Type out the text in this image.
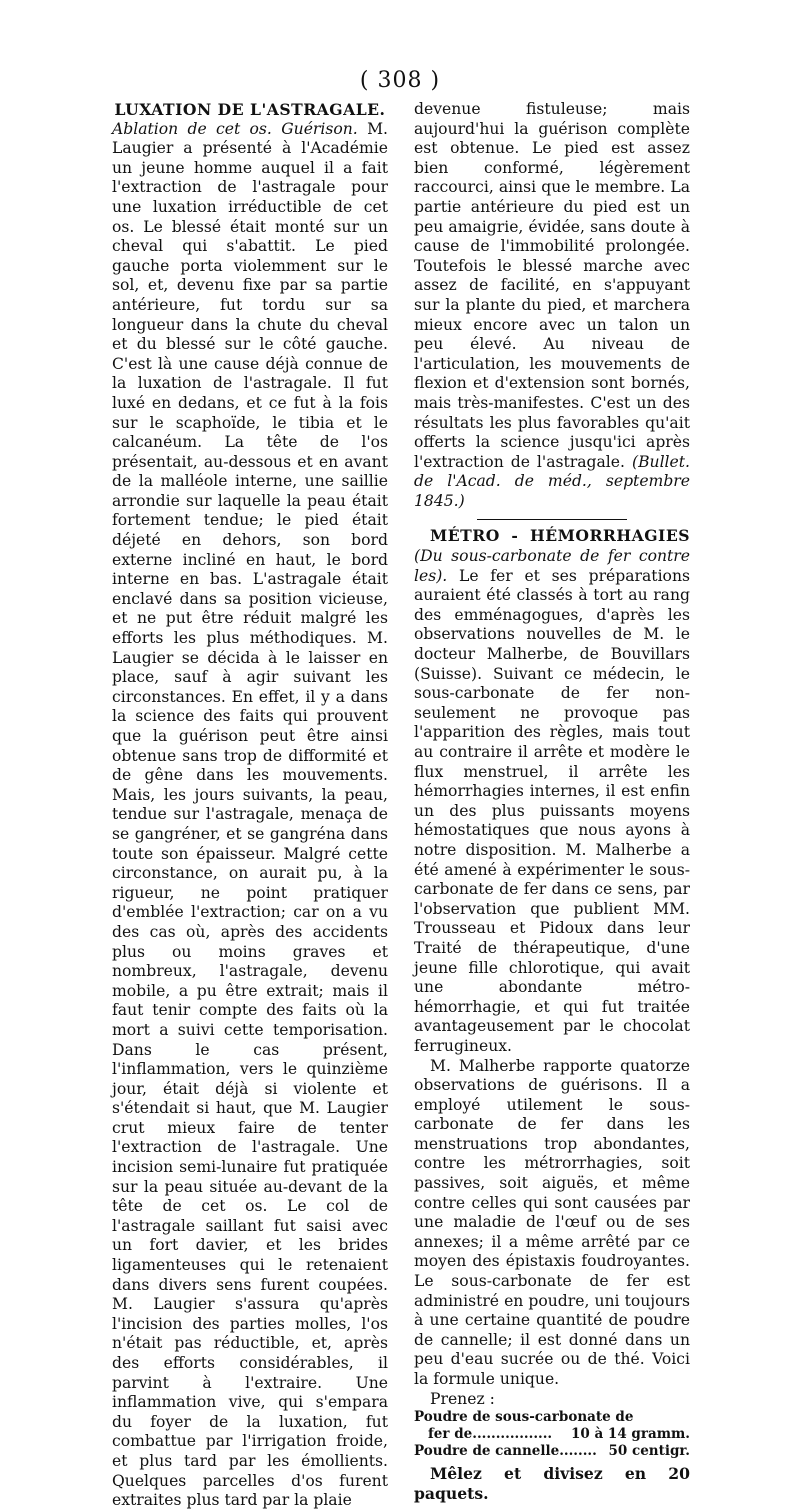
( 308 )
LUXATION DE L'ASTRAGALE.

Ablation de cet os. Guérison. M. Laugier a présenté à l'Académie un jeune homme auquel il a fait l'extraction de l'astragale pour une luxation irréductible de cet os. Le blessé était monté sur un cheval qui s'abattit. Le pied gauche porta violemment sur le sol, et, devenu fixe par sa partie antérieure, fut tordu sur sa longueur dans la chute du cheval et du blessé sur le côté gauche. C'est là une cause déjà connue de la luxation de l'astragale. Il fut luxé en dedans, et ce fut à la fois sur le scaphoïde, le tibia et le calcanéum. La tête de l'os présentait, au-dessous et en avant de la malléole interne, une saillie arrondie sur laquelle la peau était fortement tendue; le pied était déjeté en dehors, son bord externe incliné en haut, le bord interne en bas. L'astragale était enclavé dans sa position vicieuse, et ne put être réduit malgré les efforts les plus méthodiques. M. Laugier se décida à le laisser en place, sauf à agir suivant les circonstances. En effet, il y a dans la science des faits qui prouvent que la guérison peut être ainsi obtenue sans trop de difformité et de gêne dans les mouvements. Mais, les jours suivants, la peau, tendue sur l'astragale, menaça de se gangréner, et se gangréna dans toute son épaisseur. Malgré cette circonstance, on aurait pu, à la rigueur, ne point pratiquer d'emblée l'extraction; car on a vu des cas où, après des accidents plus ou moins graves et nombreux, l'astragale, devenu mobile, a pu être extrait; mais il faut tenir compte des faits où la mort a suivi cette temporisation. Dans le cas présent, l'inflammation, vers le quinzième jour, était déjà si violente et s'étendait si haut, que M. Laugier crut mieux faire de tenter l'extraction de l'astragale. Une incision semi-lunaire fut pratiquée sur la peau située au-devant de la tête de cet os. Le col de l'astragale saillant fut saisi avec un fort davier, et les brides ligamenteuses qui le retenaient dans divers sens furent coupées. M. Laugier s'assura qu'après l'incision des parties molles, l'os n'était pas réductible, et, après des efforts considérables, il parvint à l'extraire. Une inflammation vive, qui s'empara du foyer de la luxation, fut combattue par l'irrigation froide, et plus tard par les émollients. Quelques parcelles d'os furent extraites plus tard par la plaie

devenue fistuleuse; mais aujourd'hui la guérison complète est obtenue. Le pied est assez bien conformé, légèrement raccourci, ainsi que le membre. La partie antérieure du pied est un peu amaigrie, évidée, sans doute à cause de l'immobilité prolongée. Toutefois le blessé marche avec assez de facilité, en s'appuyant sur la plante du pied, et marchera mieux encore avec un talon un peu élevé. Au niveau de l'articulation, les mouvements de flexion et d'extension sont bornés, mais très-manifestes. C'est un des résultats les plus favorables qu'ait offerts la science jusqu'ici après l'extraction de l'astragale. (Bullet. de l'Acad. de méd., septembre 1845.)

MÉTRO - HÉMORRHAGIES (Du sous-carbonate de fer contre les). Le fer et ses préparations auraient été classés à tort au rang des emménagogues, d'après les observations nouvelles de M. le docteur Malherbe, de Bouvillars (Suisse). Suivant ce médecin, le sous-carbonate de fer non-seulement ne provoque pas l'apparition des règles, mais tout au contraire il arrête et modère le flux menstruel, il arrête les hémorrhagies internes, il est enfin un des plus puissants moyens hémostatiques que nous ayons à notre disposition. M. Malherbe a été amené à expérimenter le sous-carbonate de fer dans ce sens, par l'observation que publient MM. Trousseau et Pidoux dans leur Traité de thérapeutique, d'une jeune fille chlorotique, qui avait une abondante métro-hémorrhagie, et qui fut traitée avantageusement par le chocolat ferrugineux.

M. Malherbe rapporte quatorze observations de guérisons. Il a employé utilement le sous-carbonate de fer dans les menstruations trop abondantes, contre les métrorrhagies, soit passives, soit aiguës, et même contre celles qui sont causées par une maladie de l'œuf ou de ses annexes; il a même arrêté par ce moyen des épistaxis foudroyantes. Le sous-carbonate de fer est administré en poudre, uni toujours à une certaine quantité de poudre de cannelle; il est donné dans un peu d'eau sucrée ou de thé. Voici la formule unique.

Prenez :

Poudre de sous-carbonate de
fer de................. 10 à 14 gramm.
Poudre de cannelle........ 50 centigr.

Mêlez et divisez en 20 paquets.
